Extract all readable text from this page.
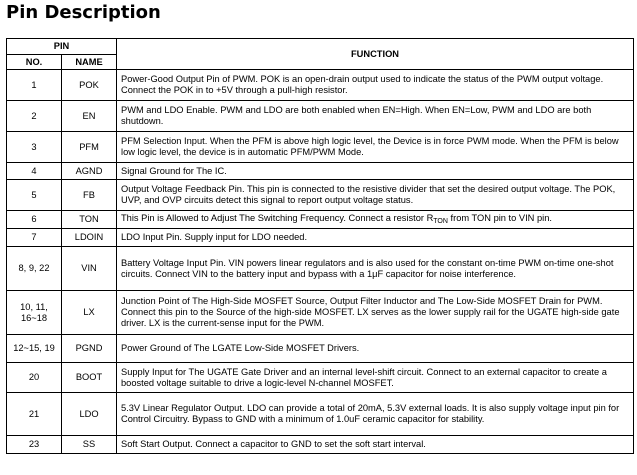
Pin Description
PIN		FUNCTION
NO.	NAME	
1	POK	Power-Good Output Pin of PWM. POK is an open-drain output used to indicate the status of the PWM output voltage. Connect the POK in to +5V through a pull-high resistor.
2	EN	PWM and LDO Enable. PWM and LDO are both enabled when EN=High. When EN=Low, PWM and LDO are both shutdown.
3	PFM	PFM Selection Input. When the PFM is above high logic level, the Device is in force PWM mode. When the PFM is below low logic level, the device is in automatic PFM/PWM Mode.
4	AGND	Signal Ground for The IC.
5	FB	Output Voltage Feedback Pin. This pin is connected to the resistive divider that set the desired output voltage. The POK, UVP, and OVP circuits detect this signal to report output voltage status.
6	TON	This Pin is Allowed to Adjust The Switching Frequency. Connect a resistor $R_{TON}$ from TON pin to VIN pin.
7	LDOIN	LDO Input Pin. Supply input for LDO needed.
8, 9, 22	VIN	Battery Voltage Input Pin. VIN powers linear regulators and is also used for the constant on-time PWM on-time one-shot circuits. Connect VIN to the battery input and bypass with a 1μF capacitor for noise interference.
10, 11, 16~18	LX	Junction Point of The High-Side MOSFET Source, Output Filter Inductor and The Low-Side MOSFET Drain for PWM. Connect this pin to the Source of the high-side MOSFET. LX serves as the lower supply rail for the UGATE high-side gate driver. LX is the current-sense input for the PWM.
12~15, 19	PGND	Power Ground of The LGATE Low-Side MOSFET Drivers.
20	BOOT	Supply Input for The UGATE Gate Driver and an internal level-shift circuit. Connect to an external capacitor to create a boosted voltage suitable to drive a logic-level N-channel MOSFET.
21	LDO	5.3V Linear Regulator Output. LDO can provide a total of 20mA, 5.3V external loads. It is also supply voltage input pin for Control Circuitry. Bypass to GND with a minimum of 1.0uF ceramic capacitor for stability.
23	SS	Soft Start Output. Connect a capacitor to GND to set the soft start interval.
